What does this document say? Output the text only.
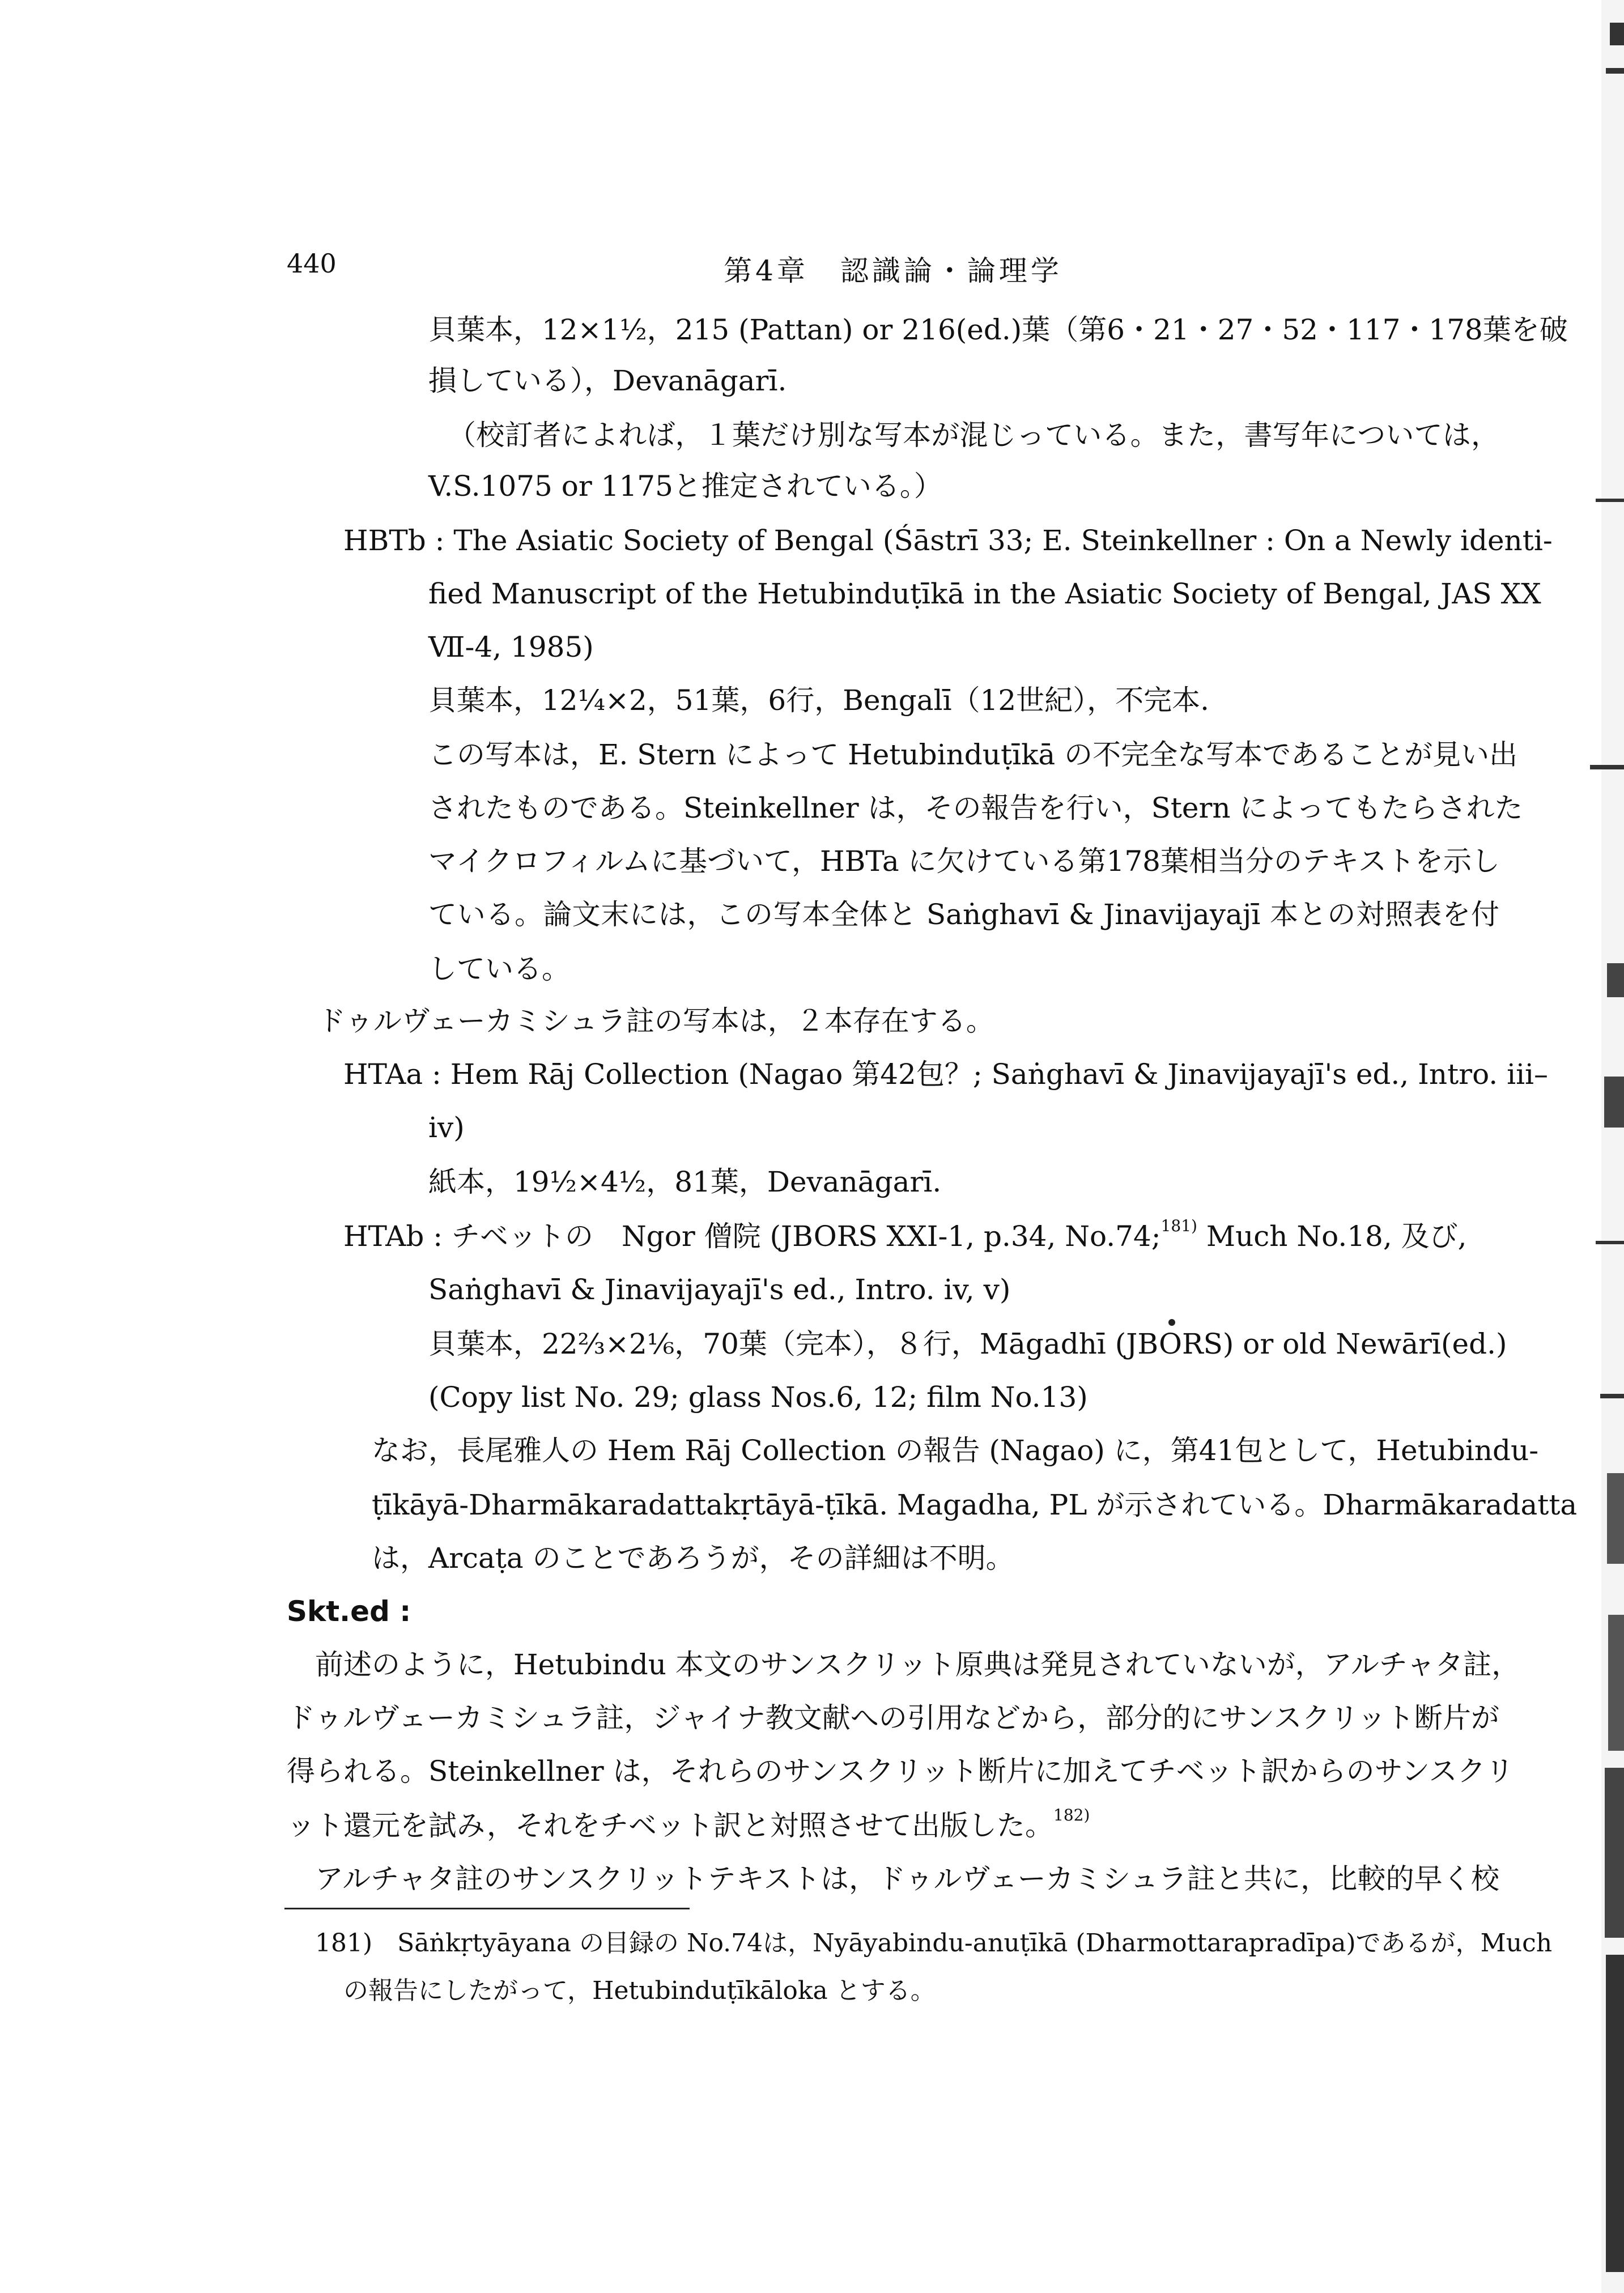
440	第4章　認識論・論理学
貝葉本，12×1½，215 (Pattan) or 216(ed.)葉（第6・21・27・52・117・178葉を破
損している），Devanāgarī.
（校訂者によれば，１葉だけ別な写本が混じっている。また，書写年については，
V.S.1075 or 1175と推定されている。）
HBTb : The Asiatic Society of Bengal (Śāstrī 33; E. Steinkellner : On a Newly identi-
fied Manuscript of the Hetubinduṭīkā in the Asiatic Society of Bengal, JAS XX
Ⅶ-4, 1985)
貝葉本，12¼×2，51葉，6行，Bengalī（12世紀），不完本.
この写本は，E. Stern によって Hetubinduṭīkā の不完全な写本であることが見い出
されたものである。Steinkellner は，その報告を行い，Stern によってもたらされた
マイクロフィルムに基づいて，HBTa に欠けている第178葉相当分のテキストを示し
ている。論文末には，この写本全体と Saṅghavī & Jinavijayajī 本との対照表を付
している。
ドゥルヴェーカミシュラ註の写本は，２本存在する。
HTAa : Hem Rāj Collection (Nagao 第42包？; Saṅghavī & Jinavijayajī's ed., Intro. iii–
iv)
紙本，19½×4½，81葉，Devanāgarī.
HTAb : チベットの　Ngor 僧院 (JBORS XXⅠ-1, p.34, No.74;$^{181)}$ Much No.18, 及び,
Saṅghavī & Jinavijayajī's ed., Intro. iv, v)
貝葉本，22⅔×2⅙，70葉（完本），８行，Māgadhī (JBORS) or old Newārī(ed.)
(Copy list No. 29; glass Nos.6, 12; film No.13)
なお，長尾雅人の Hem Rāj Collection の報告 (Nagao) に，第41包として，Hetubindu-
ṭīkāyā-Dharmākaradattakṛtāyā-ṭīkā. Magadha, PL が示されている。Dharmākaradatta
は，Arcaṭa のことであろうが，その詳細は不明。
Skt.ed :
前述のように，Hetubindu 本文のサンスクリット原典は発見されていないが，アルチャタ註，
ドゥルヴェーカミシュラ註，ジャイナ教文献への引用などから，部分的にサンスクリット断片が
得られる。Steinkellner は，それらのサンスクリット断片に加えてチベット訳からのサンスクリ
ット還元を試み，それをチベット訳と対照させて出版した。$^{182)}$
アルチャタ註のサンスクリットテキストは，ドゥルヴェーカミシュラ註と共に，比較的早く校
181)　Sāṅkṛtyāyana の目録の No.74は，Nyāyabindu-anuṭīkā (Dharmottarapradīpa)であるが，Much
の報告にしたがって，Hetubinduṭīkāloka とする。
